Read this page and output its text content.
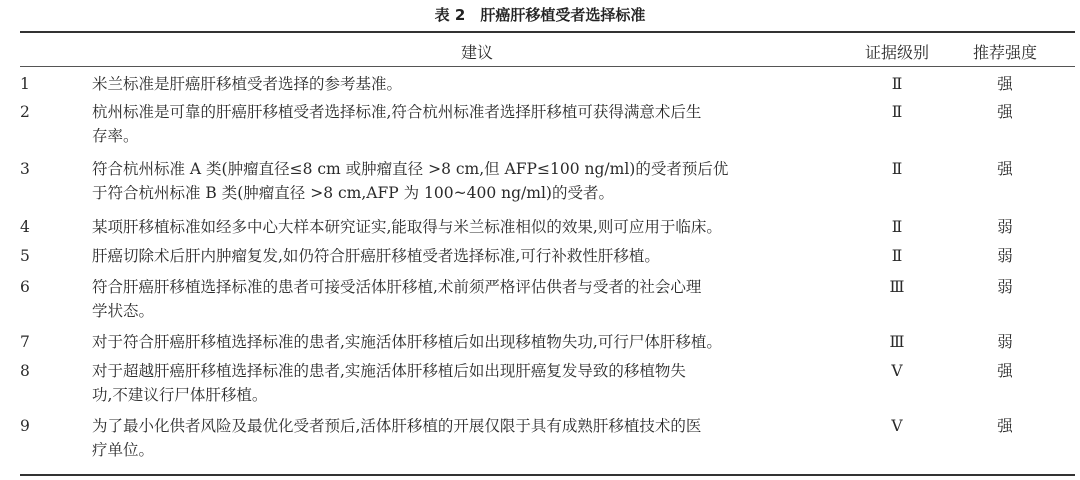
表 2　肝癌肝移植受者选择标准
建议	证据级别	推荐强度
1	米兰标准是肝癌肝移植受者选择的参考基准。	Ⅱ	强
2	杭州标准是可靠的肝癌肝移植受者选择标准,符合杭州标准者选择肝移植可获得满意术后生
存率。
Ⅱ	强
3	符合杭州标准 A 类(肿瘤直径≤8 cm 或肿瘤直径 >8 cm,但 AFP≤100 ng/ml)的受者预后优
于符合杭州标准 B 类(肿瘤直径 >8 cm,AFP 为 100~400 ng/ml)的受者。
Ⅱ	强
4	某项肝移植标准如经多中心大样本研究证实,能取得与米兰标准相似的效果,则可应用于临床。	Ⅱ	弱
5	肝癌切除术后肝内肿瘤复发,如仍符合肝癌肝移植受者选择标准,可行补救性肝移植。	Ⅱ	弱
6	符合肝癌肝移植选择标准的患者可接受活体肝移植,术前须严格评估供者与受者的社会心理
学状态。
Ⅲ	弱
7	对于符合肝癌肝移植选择标准的患者,实施活体肝移植后如出现移植物失功,可行尸体肝移植。	Ⅲ	弱
8	对于超越肝癌肝移植选择标准的患者,实施活体肝移植后如出现肝癌复发导致的移植物失
功,不建议行尸体肝移植。
Ⅴ	强
9	为了最小化供者风险及最优化受者预后,活体肝移植的开展仅限于具有成熟肝移植技术的医
疗单位。
Ⅴ	强
